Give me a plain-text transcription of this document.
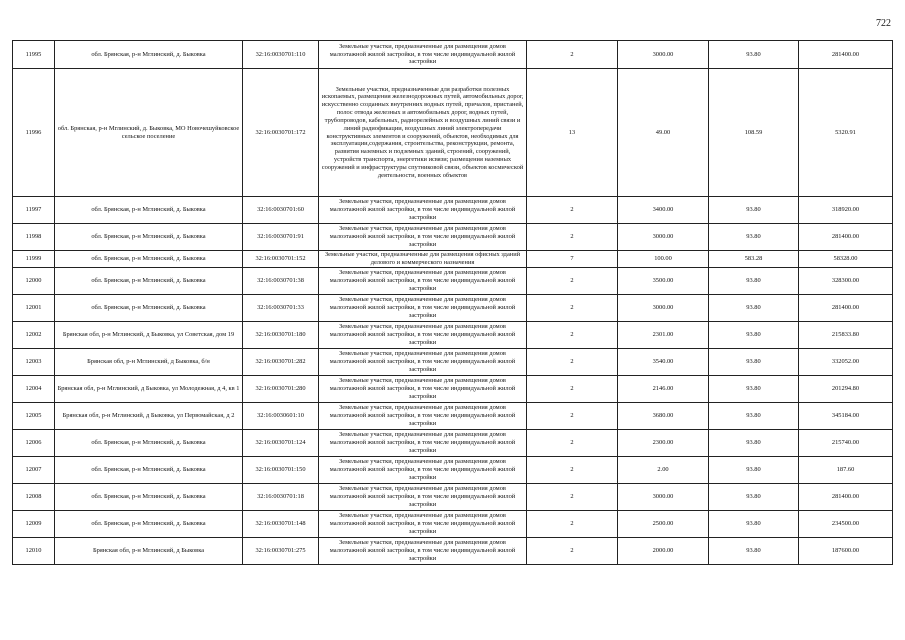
722
11995	обл. Брянская, р-н Мглинский, д. Быковка	32:16:0030701:110	Земельные участки, предназначенные для размещения домов малоэтажной жилой застройки, в том числе индивидуальной жилой застройки	2	3000.00	93.80	281400.00
11996	обл. Брянская, р-н Мглинский, д. Быковка, МО Новочешуйковское сельское поселение	32:16:0030701:172	Земельные участки, предназначенные для разработки полезных ископаемых, размещения железнодорожных путей, автомобильных дорог, искусственно созданных внутренних водных путей, причалов, пристаней, полос отвода железных и автомобильных дорог, водных путей, трубопроводов, кабельных, радиорелейных и воздушных линий связи и линий радиофикации, воздушных линий электропередачи конструктивных элементов и сооружений, объектов, необходимых для эксплуатации,содержания, строительства, реконструкции, ремонта, развития наземных и подземных зданий, строений, сооружений, устройств транспорта, энергетики иcвязи; размещения наземных сооружений и инфраструктуры спутниковой связи, объектов космической деятельности, военных объектов	13	49.00	108.59	5320.91
11997	обл. Брянская, р-н Мглинский, д. Быковка	32:16:0030701:60	Земельные участки, предназначенные для размещения домов малоэтажной жилой застройки, в том числе индивидуальной жилой застройки	2	3400.00	93.80	318920.00
11998	обл. Брянская, р-н Мглинский, д. Быковка	32:16:0030701:91	Земельные участки, предназначенные для размещения домов малоэтажной жилой застройки, в том числе индивидуальной жилой застройки	2	3000.00	93.80	281400.00
11999	обл. Брянская, р-н Мглинский, д. Быковка	32:16:0030701:152	Земельные участки, предназначенные для размещения офисных зданий делового и коммерческого назначения	7	100.00	583.28	58328.00
12000	обл. Брянская, р-н Мглинский, д. Быковка	32:16:0030701:38	Земельные участки, предназначенные для размещения домов малоэтажной жилой застройки, в том числе индивидуальной жилой застройки	2	3500.00	93.80	328300.00
12001	обл. Брянская, р-н Мглинский, д. Быковка	32:16:0030701:33	Земельные участки, предназначенные для размещения домов малоэтажной жилой застройки, в том числе индивидуальной жилой застройки	2	3000.00	93.80	281400.00
12002	Брянская обл, р-н Мглинский, д Быковка, ул Советская, дом 19	32:16:0030701:180	Земельные участки, предназначенные для размещения домов малоэтажной жилой застройки, в том числе индивидуальной жилой застройки	2	2301.00	93.80	215833.80
12003	Брянская обл, р-н Мглинский, д Быковка, б/н	32:16:0030701:282	Земельные участки, предназначенные для размещения домов малоэтажной жилой застройки, в том числе индивидуальной жилой застройки	2	3540.00	93.80	332052.00
12004	Брянская обл, р-н Мглинский, д Быковка, ул Молодежная, д 4, кв 1	32:16:0030701:280	Земельные участки, предназначенные для размещения домов малоэтажной жилой застройки, в том числе индивидуальной жилой застройки	2	2146.00	93.80	201294.80
12005	Брянская обл, р-н Мглинский, д Быковка, ул Первомайская, д 2	32:16:0030601:10	Земельные участки, предназначенные для размещения домов малоэтажной жилой застройки, в том числе индивидуальной жилой застройки	2	3680.00	93.80	345184.00
12006	обл. Брянская, р-н Мглинский, д. Быковка	32:16:0030701:124	Земельные участки, предназначенные для размещения домов малоэтажной жилой застройки, в том числе индивидуальной жилой застройки	2	2300.00	93.80	215740.00
12007	обл. Брянская, р-н Мглинский, д. Быковка	32:16:0030701:150	Земельные участки, предназначенные для размещения домов малоэтажной жилой застройки, в том числе индивидуальной жилой застройки	2	2.00	93.80	187.60
12008	обл. Брянская, р-н Мглинский, д. Быковка	32:16:0030701:18	Земельные участки, предназначенные для размещения домов малоэтажной жилой застройки, в том числе индивидуальной жилой застройки	2	3000.00	93.80	281400.00
12009	обл. Брянская, р-н Мглинский, д. Быковка	32:16:0030701:148	Земельные участки, предназначенные для размещения домов малоэтажной жилой застройки, в том числе индивидуальной жилой застройки	2	2500.00	93.80	234500.00
12010	Брянская обл, р-н Мглинский, д Быковка	32:16:0030701:275	Земельные участки, предназначенные для размещения домов малоэтажной жилой застройки, в том числе индивидуальной жилой застройки	2	2000.00	93.80	187600.00
